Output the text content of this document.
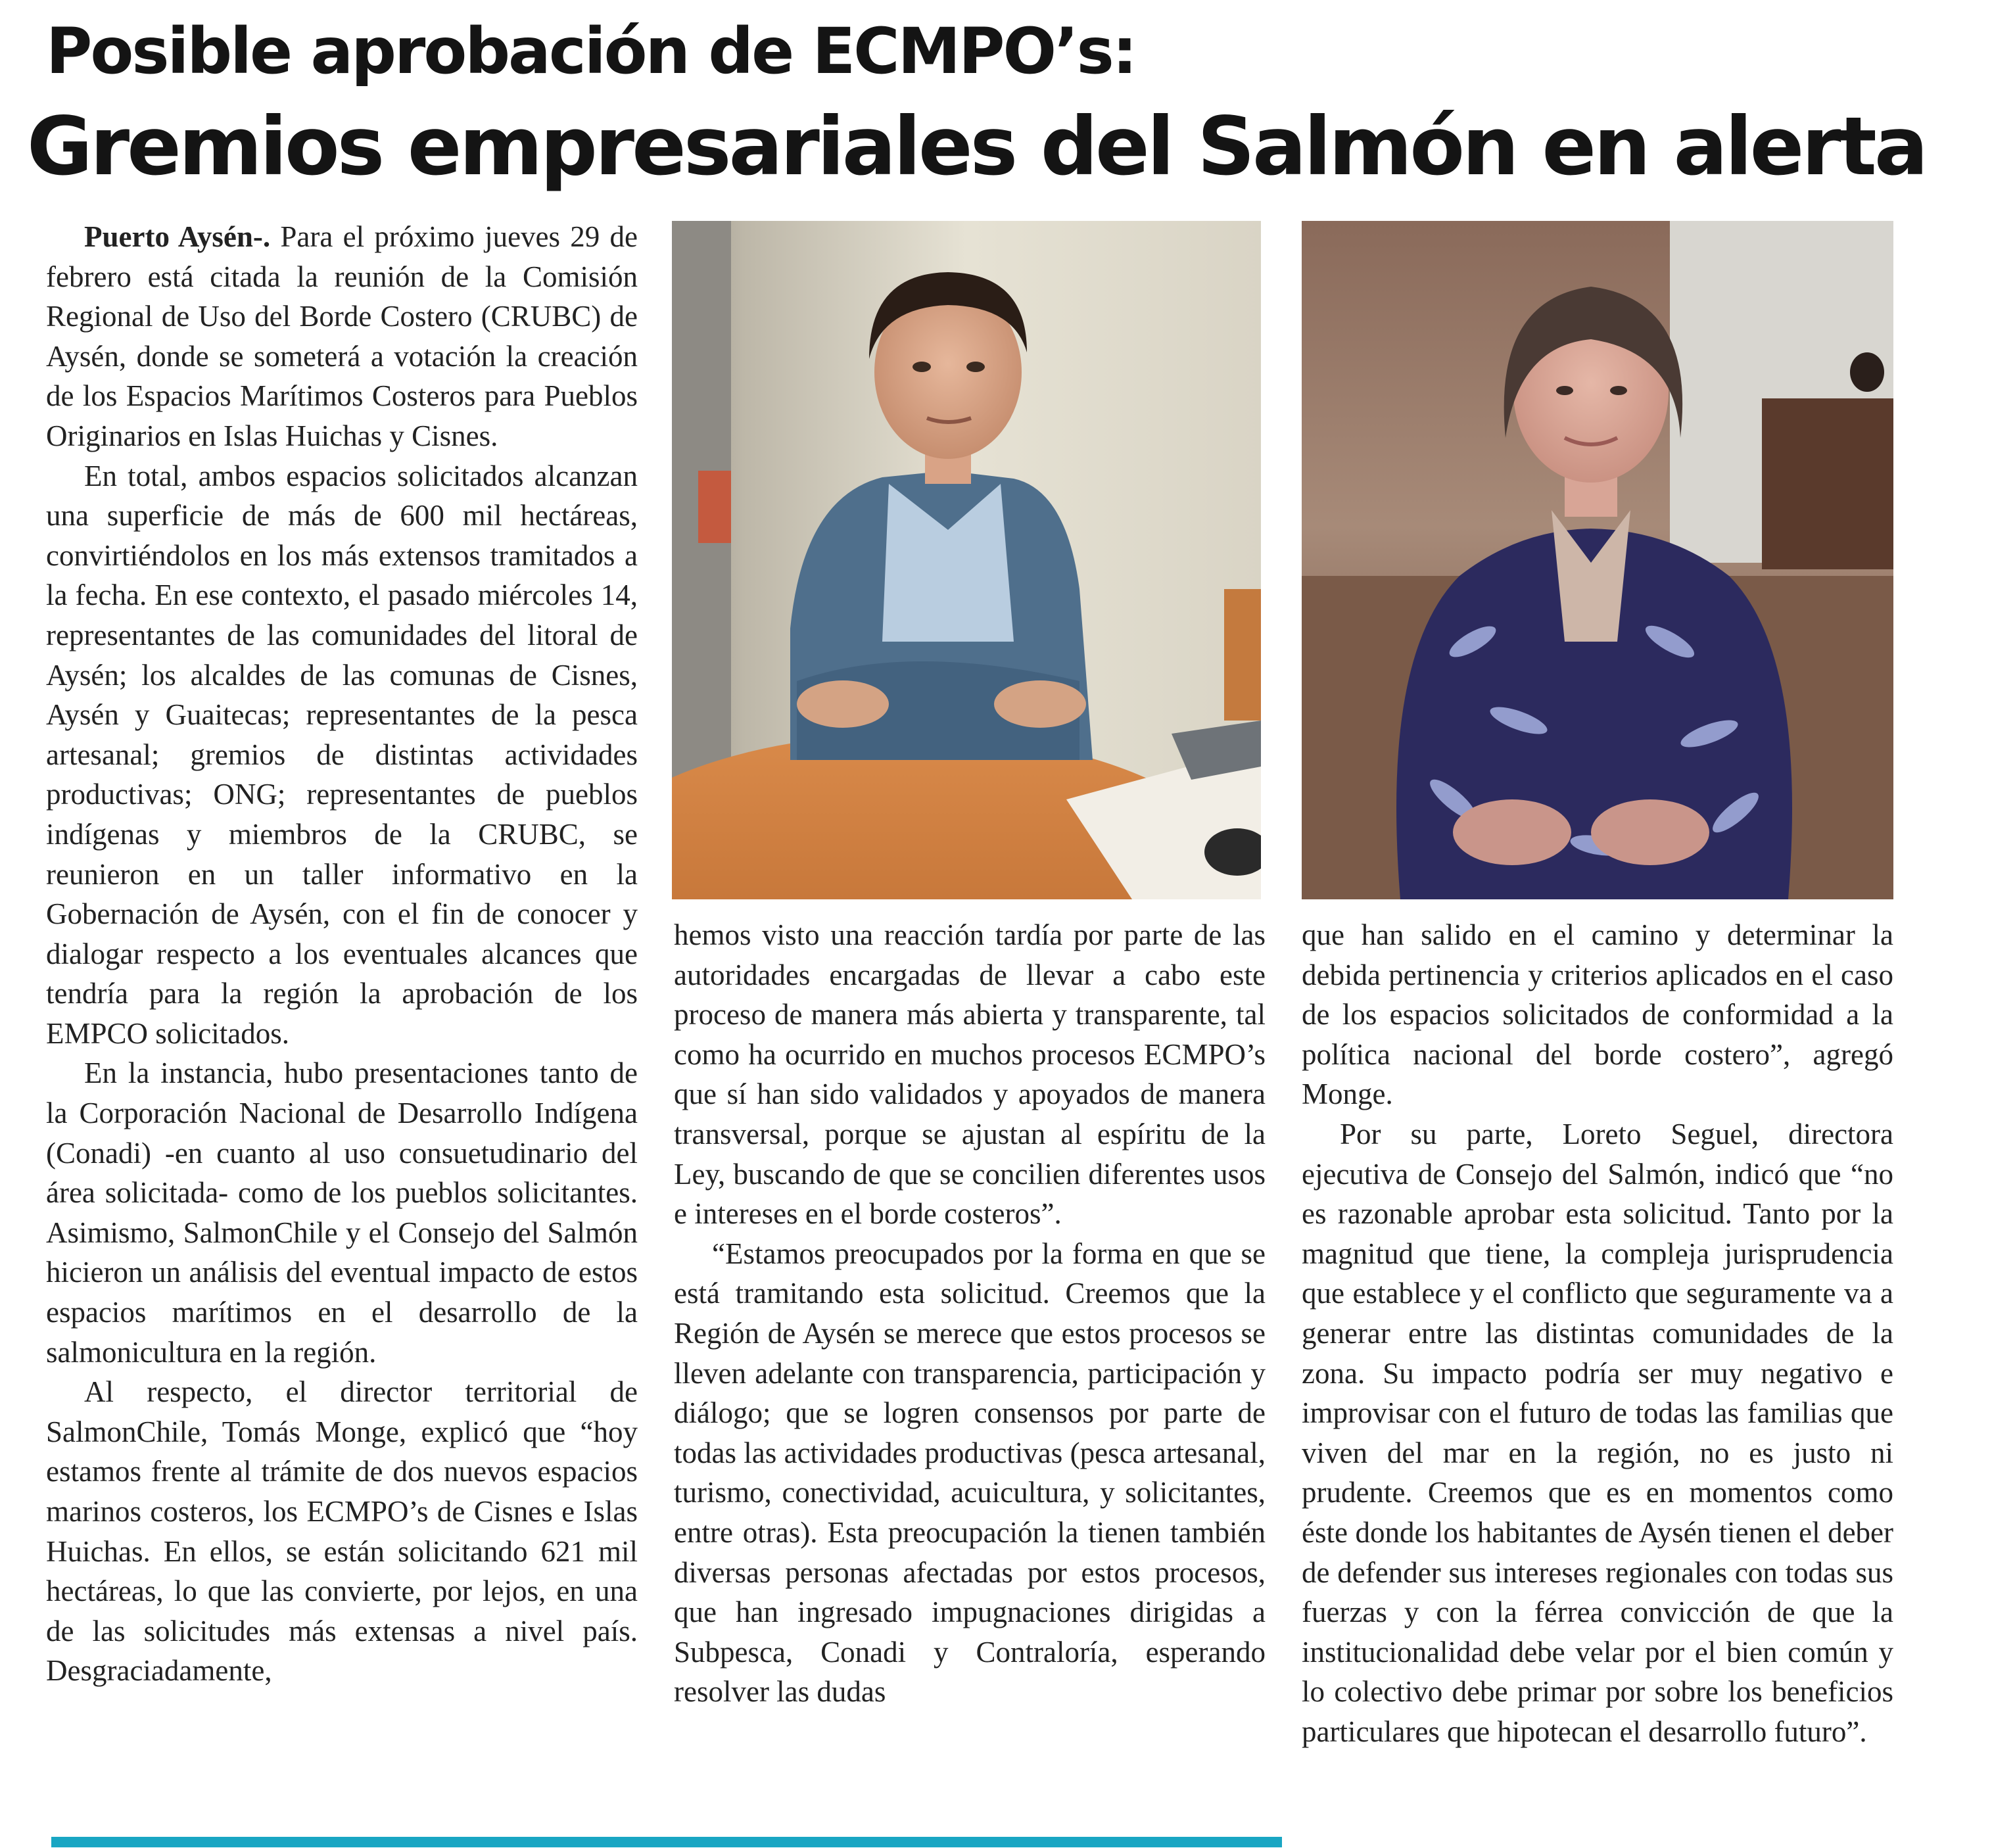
Posible aprobación de ECMPO’s:
Gremios empresariales del Salmón en alerta

Puerto Aysén-. Para el próximo jueves 29 de febrero está citada la reunión de la Comisión Regional de Uso del Borde Costero (CRUBC) de Aysén, donde se someterá a votación la creación de los Espacios Marítimos Costeros para Pueblos Originarios en Islas Huichas y Cisnes.

En total, ambos espacios solicitados alcanzan una superficie de más de 600 mil hectáreas, convirtiéndolos en los más extensos tramitados a la fecha. En ese contexto, el pasado miércoles 14, representantes de las comunidades del litoral de Aysén; los alcaldes de las comunas de Cisnes, Aysén y Guaitecas; representantes de la pesca artesanal; gremios de distintas actividades productivas; ONG; representantes de pueblos indígenas y miembros de la CRUBC, se reunieron en un taller informativo en la Gobernación de Aysén, con el fin de conocer y dialogar respecto a los eventuales alcances que tendría para la región la aprobación de los EMPCO solicitados.

En la instancia, hubo presentaciones tanto de la Corporación Nacional de Desarrollo Indígena (Conadi) -en cuanto al uso consuetudinario del área solicitada- como de los pueblos solicitantes. Asimismo, SalmonChile y el Consejo del Salmón hicieron un análisis del eventual impacto de estos espacios marítimos en el desarrollo de la salmonicultura en la región.

Al respecto, el director territorial de SalmonChile, Tomás Monge, explicó que “hoy estamos frente al trámite de dos nuevos espacios marinos costeros, los ECMPO’s de Cisnes e Islas Huichas. En ellos, se están solicitando 621 mil hectáreas, lo que las convierte, por lejos, en una de las solicitudes más extensas a nivel país. Desgraciadamente,

hemos visto una reacción tardía por parte de las autoridades encargadas de llevar a cabo este proceso de manera más abierta y transparente, tal como ha ocurrido en muchos procesos ECMPO’s que sí han sido validados y apoyados de manera transversal, porque se ajustan al espíritu de la Ley, buscando de que se concilien diferentes usos e intereses en el borde costeros”.

“Estamos preocupados por la forma en que se está tramitando esta solicitud. Creemos que la Región de Aysén se merece que estos procesos se lleven adelante con transparencia, participación y diálogo; que se logren consensos por parte de todas las actividades productivas (pesca artesanal, turismo, conectividad, acuicultura, y solicitantes, entre otras). Esta preocupación la tienen también diversas personas afectadas por estos procesos, que han ingresado impugnaciones dirigidas a Subpesca, Conadi y Contraloría, esperando resolver las dudas

que han salido en el camino y determinar la debida pertinencia y criterios aplicados en el caso de los espacios solicitados de conformidad a la política nacional del borde costero”, agregó Monge.

Por su parte, Loreto Seguel, directora ejecutiva de Consejo del Salmón, indicó que “no es razonable aprobar esta solicitud. Tanto por la magnitud que tiene, la compleja jurisprudencia que establece y el conflicto que seguramente va a generar entre las distintas comunidades de la zona. Su impacto podría ser muy negativo e improvisar con el futuro de todas las familias que viven del mar en la región, no es justo ni prudente. Creemos que es en momentos como éste donde los habitantes de Aysén tienen el deber de defender sus intereses regionales con todas sus fuerzas y con la férrea convicción de que la institucionalidad debe velar por el bien común y lo colectivo debe primar por sobre los beneficios particulares que hipotecan el desarrollo futuro”.
